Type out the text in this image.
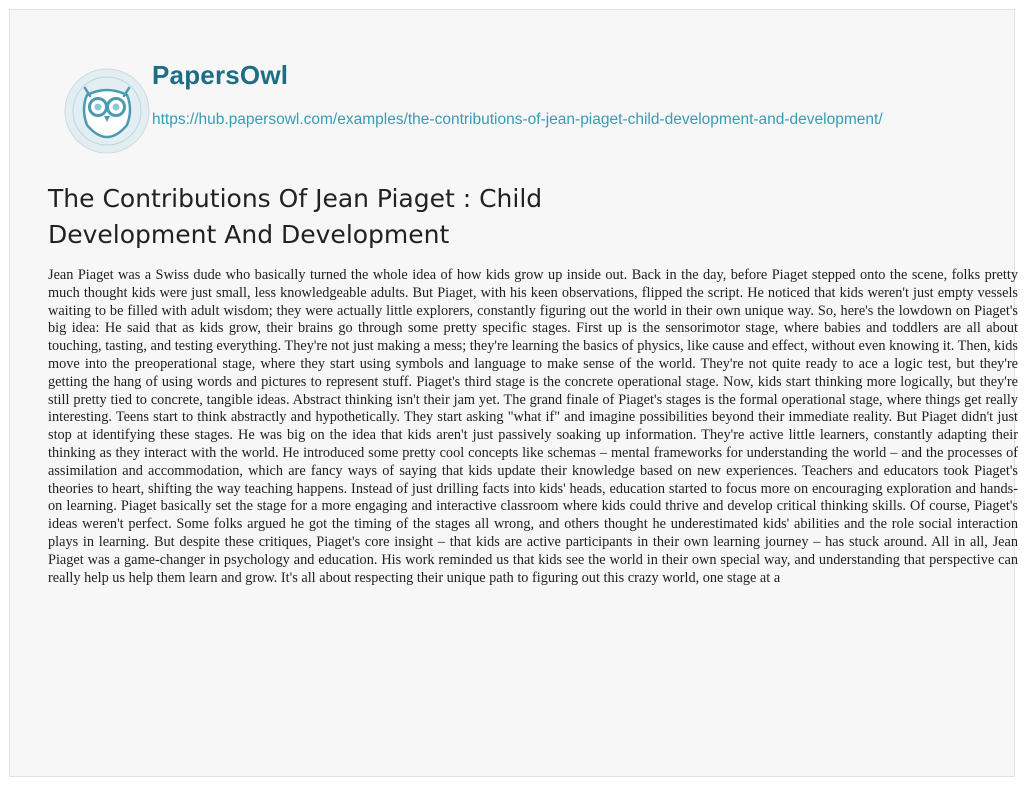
PapersOwl
https://hub.papersowl.com/examples/the-contributions-of-jean-piaget-child-development-and-development/
The Contributions Of Jean Piaget : Child Development And Development

Jean Piaget was a Swiss dude who basically turned the whole idea of how kids grow up inside out. Back in the day, before Piaget stepped onto the scene, folks pretty much thought kids were just small, less knowledgeable adults. But Piaget, with his keen observations, flipped the script. He noticed that kids weren't just empty vessels waiting to be filled with adult wisdom; they were actually little explorers, constantly figuring out the world in their own unique way. So, here's the lowdown on Piaget's big idea: He said that as kids grow, their brains go through some pretty specific stages. First up is the sensorimotor stage, where babies and toddlers are all about touching, tasting, and testing everything. They're not just making a mess; they're learning the basics of physics, like cause and effect, without even knowing it. Then, kids move into the preoperational stage, where they start using symbols and language to make sense of the world. They're not quite ready to ace a logic test, but they're getting the hang of using words and pictures to represent stuff. Piaget's third stage is the concrete operational stage. Now, kids start thinking more logically, but they're still pretty tied to concrete, tangible ideas. Abstract thinking isn't their jam yet. The grand finale of Piaget's stages is the formal operational stage, where things get really interesting. Teens start to think abstractly and hypothetically. They start asking "what if" and imagine possibilities beyond their immediate reality. But Piaget didn't just stop at identifying these stages. He was big on the idea that kids aren't just passively soaking up information. They're active little learners, constantly adapting their thinking as they interact with the world. He introduced some pretty cool concepts like schemas – mental frameworks for understanding the world – and the processes of assimilation and accommodation, which are fancy ways of saying that kids update their knowledge based on new experiences. Teachers and educators took Piaget's theories to heart, shifting the way teaching happens. Instead of just drilling facts into kids' heads, education started to focus more on encouraging exploration and hands-on learning. Piaget basically set the stage for a more engaging and interactive classroom where kids could thrive and develop critical thinking skills. Of course, Piaget's ideas weren't perfect. Some folks argued he got the timing of the stages all wrong, and others thought he underestimated kids' abilities and the role social interaction plays in learning. But despite these critiques, Piaget's core insight – that kids are active participants in their own learning journey – has stuck around. All in all, Jean Piaget was a game-changer in psychology and education. His work reminded us that kids see the world in their own special way, and understanding that perspective can really help us help them learn and grow. It's all about respecting their unique path to figuring out this crazy world, one stage at a
